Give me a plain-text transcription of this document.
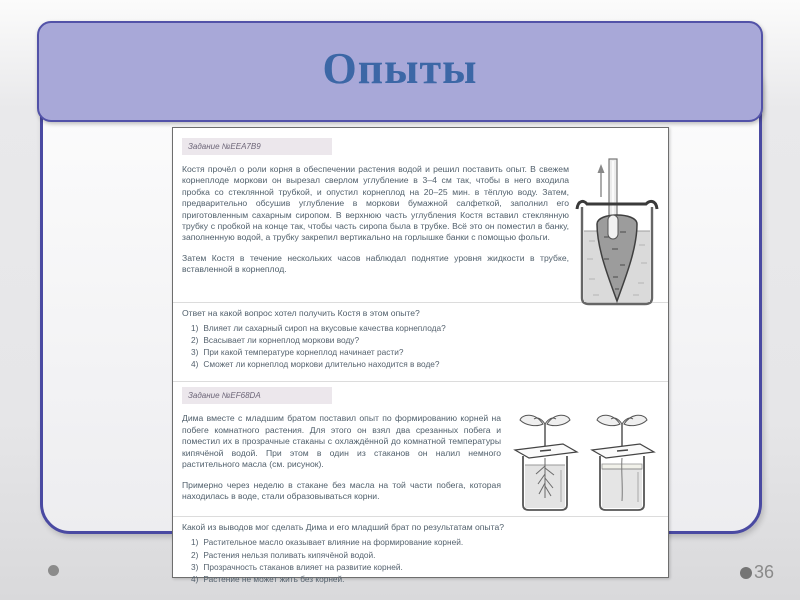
Опыты
Задание №EEA7B9

Костя прочёл о роли корня в обеспечении растения водой и решил поставить опыт. В свежем корнеплоде моркови он вырезал сверлом углубление в 3–4 см так, чтобы в него входила пробка со стеклянной трубкой, и опустил корнеплод на 20–25 мин. в тёплую воду. Затем, предварительно обсушив углубление в моркови бумажной салфеткой, заполнил его приготовленным сахарным сиропом. В верхнюю часть углубления Костя вставил стеклянную трубку с пробкой на конце так, чтобы часть сиропа была в трубке. Всё это он поместил в банку, заполненную водой, а трубку закрепил вертикально на горлышке банки с помощью фольги.

Затем Костя в течение нескольких часов наблюдал поднятие уровня жидкости в трубке, вставленной в корнеплод.

Ответ на какой вопрос хотел получить Костя в этом опыте?
Влияет ли сахарный сироп на вкусовые качества корнеплода?
Всасывает ли корнеплод моркови воду?
При какой температуре корнеплод начинает расти?
Сможет ли корнеплод моркови длительно находится в воде?
Задание №EF68DA

Дима вместе с младшим братом поставил опыт по формированию корней на побеге комнатного растения. Для этого он взял два срезанных побега и поместил их в прозрачные стаканы с охлаждённой до комнатной температуры кипячёной водой. При этом в один из стаканов он налил немного растительного масла (см. рисунок).

Примерно через неделю в стакане без масла на той части побега, которая находилась в воде, стали образовываться корни.

Какой из выводов мог сделать Дима и его младший брат по результатам опыта?
Растительное масло оказывает влияние на формирование корней.
Растения нельзя поливать кипячёной водой.
Прозрачность стаканов влияет на развитие корней.
Растение не может жить без корней.	36
